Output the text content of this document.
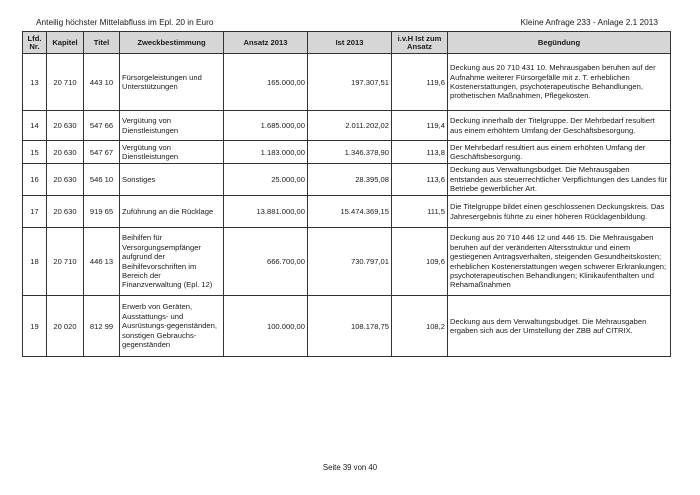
Anteilig höchster Mittelabfluss im Epl. 20 in Euro	Kleine Anfrage 233 - Anlage 2.1 2013
Lfd. Nr.	Kapitel	Titel	Zweckbestimmung	Ansatz 2013	Ist 2013	i.v.H Ist zum Ansatz	Begündung
13	20 710	443 10	Fürsorgeleistungen und Unterstützungen	165.000,00	197.307,51	119,6	Deckung aus 20 710 431 10. Mehrausgaben beruhen auf der Aufnahme weiterer Fürsorgefälle mit z. T. erheblichen Kostenerstattungen, psychoterapeutische Behandlungen, prothetischen Maßnahmen, Pflegekosten.
14	20 630	547 66	Vergütung von Dienstleistungen	1.685.000,00	2.011.202,02	119,4	Deckung innerhalb der Titelgruppe. Der Mehrbedarf resultiert aus einem erhöhtem Umfang der Geschäftsbesorgung.
15	20 630	547 67	Vergütung von Dienstleistungen	1.183.000,00	1.346.378,90	113,8	Der Mehrbedarf resultiert aus einem erhöhten Umfang der Geschäftsbesorgung.
16	20 630	546 10	Sonstiges	25.000,00	28.395,08	113,6	Deckung aus Verwaltungsbudget. Die Mehrausgaben entstanden aus steuerrechtlicher Verpflichtungen des Landes für Betriebe gewerblicher Art.
17	20 630	919 65	Zuführung an die Rücklage	13.881.000,00	15.474.369,15	111,5	Die Titelgruppe bildet einen geschlossenen Deckungskreis. Das Jahresergebnis führte zu einer höheren Rücklagenbildung.
18	20 710	446 13	Beihilfen für Versorgungsempfänger aufgrund der Beihilfevorschriften im Bereich der Finanzverwaltung (Epl. 12)	666.700,00	730.797,01	109,6	Deckung aus 20 710 446 12 und 446 15. Die Mehrausgaben beruhen auf der veränderten Altersstruktur und einem gestiegenen Antragsverhalten, steigenden Gesundheitskosten; erheblichen Kostenerstattungen wegen schwerer Erkrankungen; psychoterapeutischen Behandlungen; Klinikaufenthalten und Rehamaßnahmen
19	20 020	812 99	Erwerb von Geräten, Ausstattungs- und Ausrüstungs-gegenständen, sonstigen Gebrauchs-gegenständen	100.000,00	108.178,75	108,2	Deckung aus dem Verwaltungsbudget. Die Mehrausgaben ergaben sich aus der Umstellung der ZBB auf CITRIX.
Seite 39 von 40
